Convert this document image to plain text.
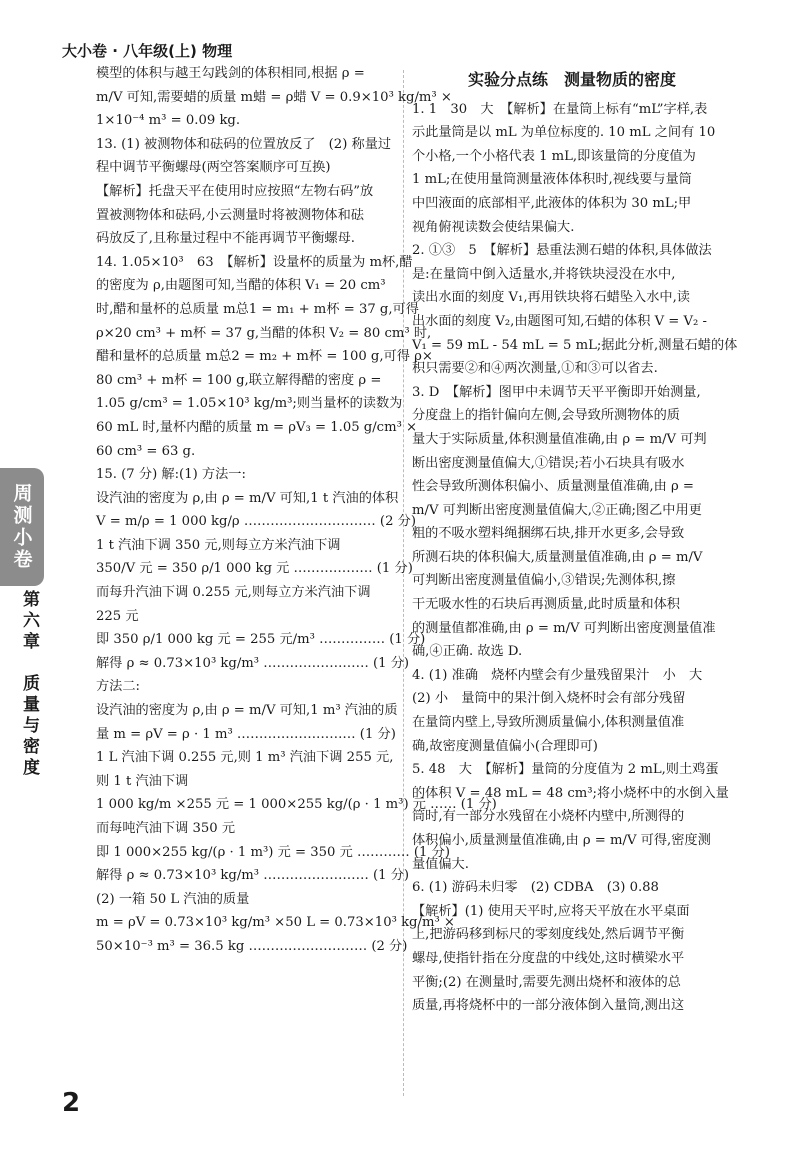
大小卷 · 八年级(上) 物理
周测小卷
第六章　质量与密度
模型的体积与越王勾践剑的体积相同,根据 ρ =
m/V 可知,需要蜡的质量 m蜡 = ρ蜡 V = 0.9×10³ kg/m³ ×
1×10⁻⁴ m³ = 0.09 kg.
13. (1) 被测物体和砝码的位置放反了　(2) 称量过
程中调节平衡螺母(两空答案顺序可互换)
【解析】托盘天平在使用时应按照“左物右码”放
置被测物体和砝码,小云测量时将被测物体和砝
码放反了,且称量过程中不能再调节平衡螺母.
14. 1.05×10³　63　【解析】设量杯的质量为 m杯,醋
的密度为 ρ,由题图可知,当醋的体积 V₁ = 20 cm³
时,醋和量杯的总质量 m总1 = m₁ + m杯 = 37 g,可得
ρ×20 cm³ + m杯 = 37 g,当醋的体积 V₂ = 80 cm³ 时,
醋和量杯的总质量 m总2 = m₂ + m杯 = 100 g,可得 ρ×
80 cm³ + m杯 = 100 g,联立解得醋的密度 ρ =
1.05 g/cm³ = 1.05×10³ kg/m³;则当量杯的读数为
60 mL 时,量杯内醋的质量 m = ρV₃ = 1.05 g/cm³ ×
60 cm³ = 63 g.
15. (7 分) 解:(1) 方法一:
设汽油的密度为 ρ,由 ρ = m/V 可知,1 t 汽油的体积
V = m/ρ = 1 000 kg/ρ ………………………… (2 分)
1 t 汽油下调 350 元,则每立方米汽油下调
350/V 元 = 350 ρ/1 000 kg 元 ……………… (1 分)
而每升汽油下调 0.255 元,则每立方米汽油下调
225 元
即 350 ρ/1 000 kg 元 = 255 元/m³ …………… (1 分)
解得 ρ ≈ 0.73×10³ kg/m³ …………………… (1 分)
方法二:
设汽油的密度为 ρ,由 ρ = m/V 可知,1 m³ 汽油的质
量 m = ρV = ρ · 1 m³ ……………………… (1 分)
1 L 汽油下调 0.255 元,则 1 m³ 汽油下调 255 元,
则 1 t 汽油下调
1 000 kg/m ×255 元 = 1 000×255 kg/(ρ · 1 m³) 元 …… (1 分)
而每吨汽油下调 350 元
即 1 000×255 kg/(ρ · 1 m³) 元 = 350 元 ………… (1 分)
解得 ρ ≈ 0.73×10³ kg/m³ …………………… (1 分)
(2) 一箱 50 L 汽油的质量
m = ρV = 0.73×10³ kg/m³ ×50 L = 0.73×10³ kg/m³ ×
50×10⁻³ m³ = 36.5 kg ……………………… (2 分)
实验分点练　测量物质的密度
1. 1　30　大　【解析】在量筒上标有“mL”字样,表
示此量筒是以 mL 为单位标度的. 10 mL 之间有 10
个小格,一个小格代表 1 mL,即该量筒的分度值为
1 mL;在使用量筒测量液体体积时,视线要与量筒
中凹液面的底部相平,此液体的体积为 30 mL;甲
视角俯视读数会使结果偏大.
2. ①③　5　【解析】悬重法测石蜡的体积,具体做法
是:在量筒中倒入适量水,并将铁块浸没在水中,
读出水面的刻度 V₁,再用铁块将石蜡坠入水中,读
出水面的刻度 V₂,由题图可知,石蜡的体积 V = V₂ -
V₁ = 59 mL - 54 mL = 5 mL;据此分析,测量石蜡的体
积只需要②和④两次测量,①和③可以省去.
3. D　【解析】图甲中未调节天平平衡即开始测量,
分度盘上的指针偏向左侧,会导致所测物体的质
量大于实际质量,体积测量值准确,由 ρ = m/V 可判
断出密度测量值偏大,①错误;若小石块具有吸水
性会导致所测体积偏小、质量测量值准确,由 ρ =
m/V 可判断出密度测量值偏大,②正确;图乙中用更
粗的不吸水塑料绳捆绑石块,排开水更多,会导致
所测石块的体积偏大,质量测量值准确,由 ρ = m/V
可判断出密度测量值偏小,③错误;先测体积,擦
干无吸水性的石块后再测质量,此时质量和体积
的测量值都准确,由 ρ = m/V 可判断出密度测量值准
确,④正确. 故选 D.
4. (1) 准确　烧杯内壁会有少量残留果汁　小　大
(2) 小　量筒中的果汁倒入烧杯时会有部分残留
在量筒内壁上,导致所测质量偏小,体积测量值准
确,故密度测量值偏小(合理即可)
5. 48　大　【解析】量筒的分度值为 2 mL,则土鸡蛋
的体积 V = 48 mL = 48 cm³;将小烧杯中的水倒入量
筒时,有一部分水残留在小烧杯内壁中,所测得的
体积偏小,质量测量值准确,由 ρ = m/V 可得,密度测
量值偏大.
6. (1) 游码未归零　(2) CDBA　(3) 0.88
【解析】(1) 使用天平时,应将天平放在水平桌面
上,把游码移到标尺的零刻度线处,然后调节平衡
螺母,使指针指在分度盘的中线处,这时横梁水平
平衡;(2) 在测量时,需要先测出烧杯和液体的总
质量,再将烧杯中的一部分液体倒入量筒,测出这
2
